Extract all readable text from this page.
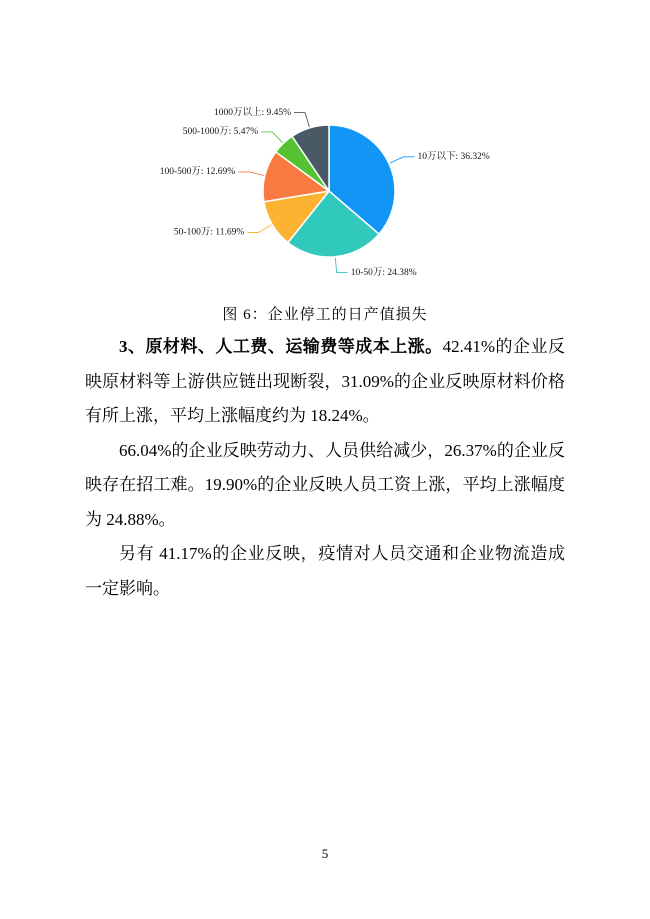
10万以下: 36.32%
10-50万: 24.38%
50-100万: 11.69%
100-500万: 12.69%
500-1000万: 5.47%
1000万以上: 9.45%
图 6：企业停工的日产值损失
3、原材料、人工费、运输费等成本上涨。42.41%的企业反
映原材料等上游供应链出现断裂，31.09%的企业反映原材料价格
有所上涨，平均上涨幅度约为 18.24%。
66.04%的企业反映劳动力、人员供给减少，26.37%的企业反
映存在招工难。19.90%的企业反映人员工资上涨，平均上涨幅度
为 24.88%。
另有 41.17%的企业反映，疫情对人员交通和企业物流造成
一定影响。
5
